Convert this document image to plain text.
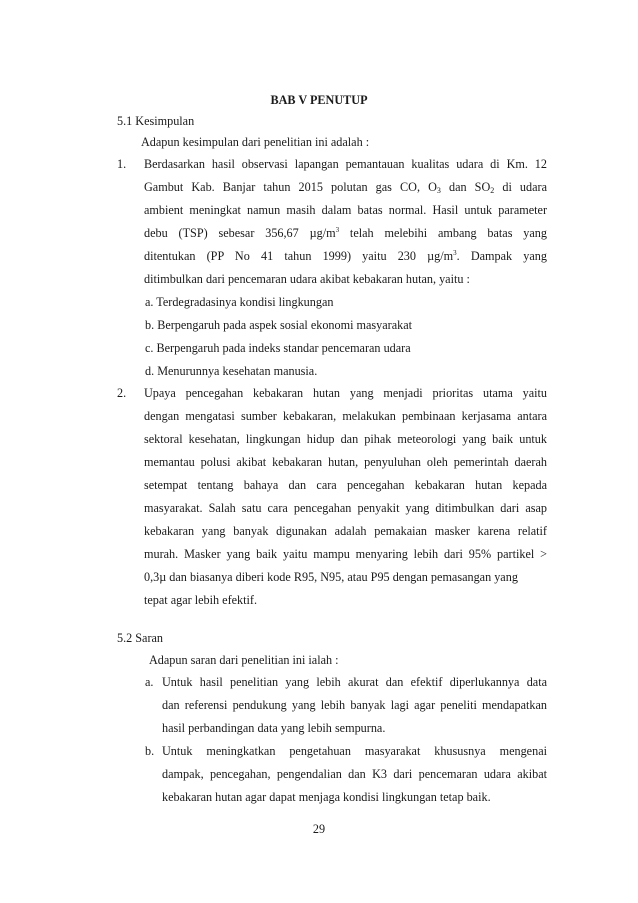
BAB V PENUTUP
5.1 Kesimpulan
Adapun kesimpulan dari penelitian ini adalah :
1. Berdasarkan hasil observasi lapangan pemantauan kualitas udara di Km. 12
Gambut Kab. Banjar tahun 2015 polutan gas CO, $O_3$ dan $SO_2$ di udara
ambient meningkat namun masih dalam batas normal. Hasil untuk parameter
debu (TSP) sebesar 356,67 $\mu g/m^3$ telah melebihi ambang batas yang
ditentukan (PP No 41 tahun 1999) yaitu 230 $\mu g/m^3$. Dampak yang
ditimbulkan dari pencemaran udara akibat kebakaran hutan, yaitu :
a. Terdegradasinya kondisi lingkungan
b. Berpengaruh pada aspek sosial ekonomi masyarakat
c. Berpengaruh pada indeks standar pencemaran udara
d. Menurunnya kesehatan manusia.
2. Upaya pencegahan kebakaran hutan yang menjadi prioritas utama yaitu
dengan mengatasi sumber kebakaran, melakukan pembinaan kerjasama antara
sektoral kesehatan, lingkungan hidup dan pihak meteorologi yang baik untuk
memantau polusi akibat kebakaran hutan, penyuluhan oleh pemerintah daerah
setempat tentang bahaya dan cara pencegahan kebakaran hutan kepada
masyarakat. Salah satu cara pencegahan penyakit yang ditimbulkan dari asap
kebakaran yang banyak digunakan adalah pemakaian masker karena relatif
murah. Masker yang baik yaitu mampu menyaring lebih dari 95% partikel >
0,3µ dan biasanya diberi kode R95, N95, atau P95 dengan pemasangan yang
tepat agar lebih efektif.
5.2 Saran
Adapun saran dari penelitian ini ialah :
a. Untuk hasil penelitian yang lebih akurat dan efektif diperlukannya data
dan referensi pendukung yang lebih banyak lagi agar peneliti mendapatkan
hasil perbandingan data yang lebih sempurna.
b. Untuk meningkatkan pengetahuan masyarakat khususnya mengenai
dampak, pencegahan, pengendalian dan K3 dari pencemaran udara akibat
kebakaran hutan agar dapat menjaga kondisi lingkungan tetap baik.
29
